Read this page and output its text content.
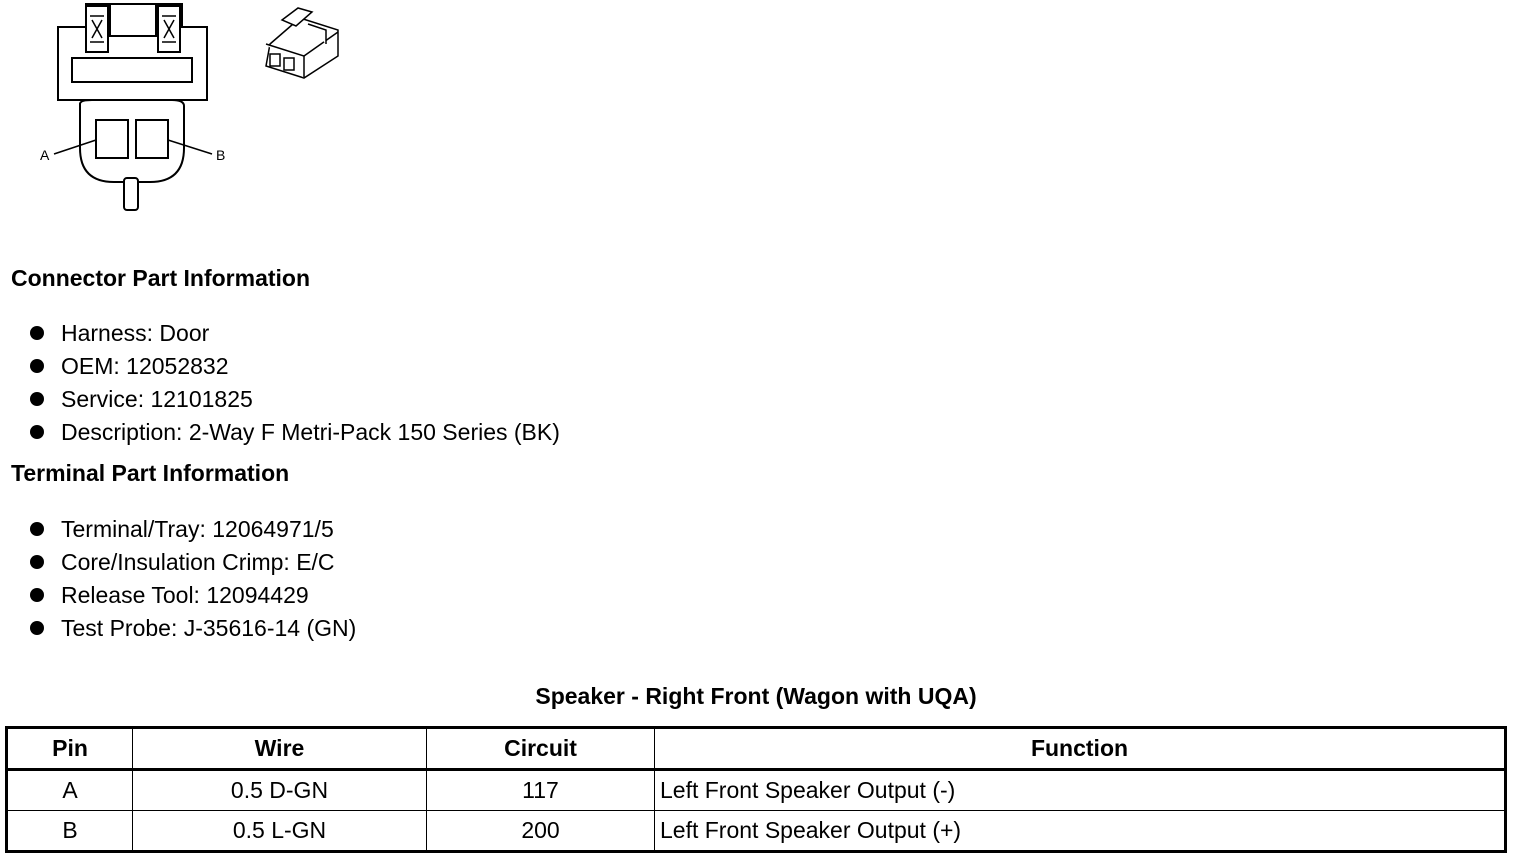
A	B
Connector Part Information
Harness: Door
OEM: 12052832
Service: 12101825
Description: 2-Way F Metri-Pack 150 Series (BK)
Terminal Part Information
Terminal/Tray: 12064971/5
Core/Insulation Crimp: E/C
Release Tool: 12094429
Test Probe: J-35616-14 (GN)
Speaker - Right Front (Wagon with UQA)
Pin	Wire	Circuit	Function
A	0.5 D-GN	117	Left Front Speaker Output (-)
B	0.5 L-GN	200	Left Front Speaker Output (+)
